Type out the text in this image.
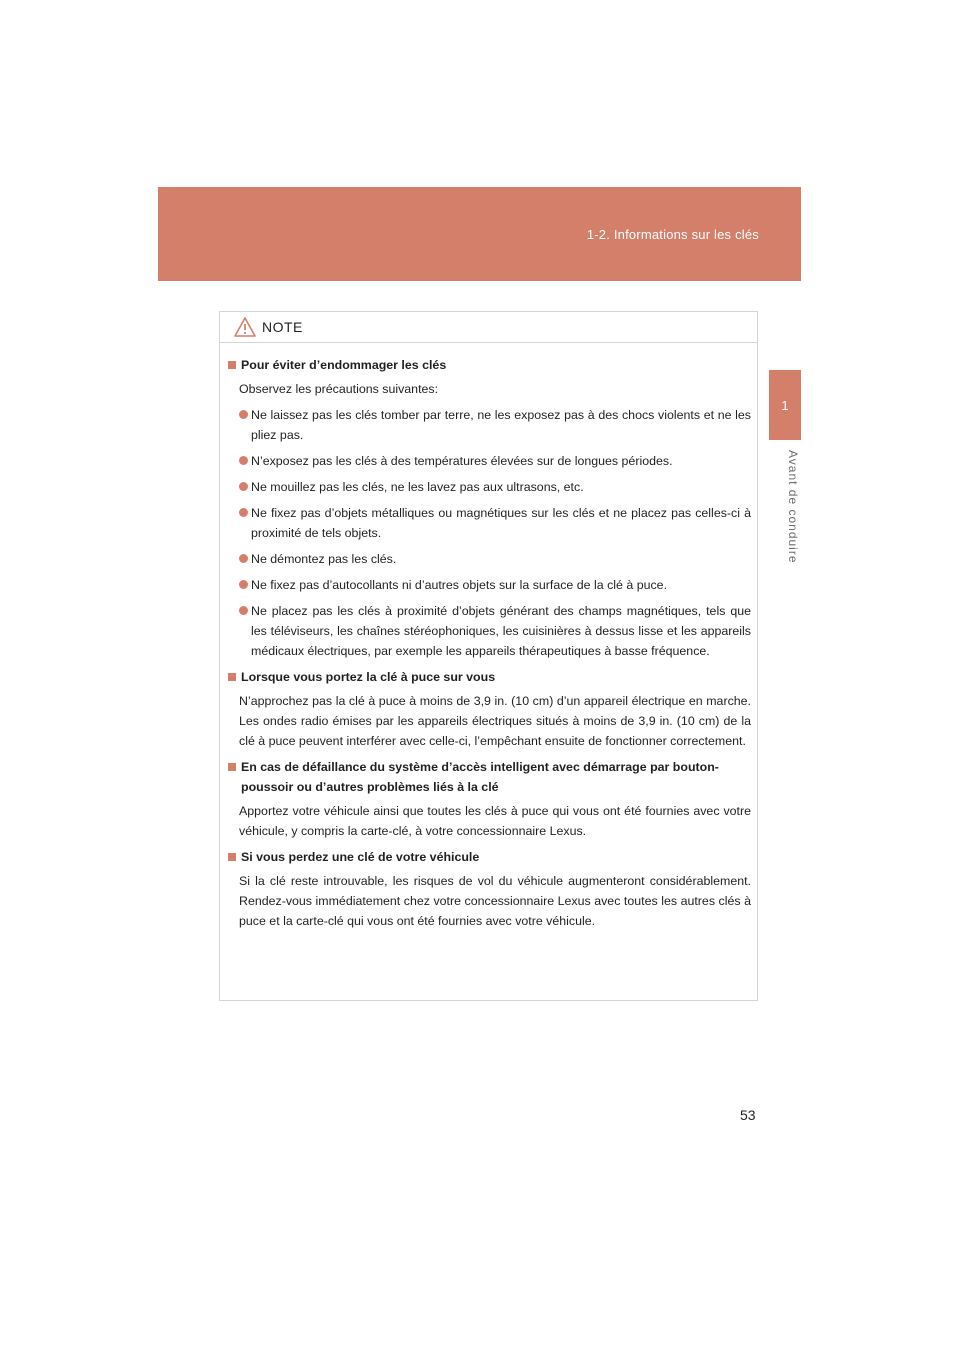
1-2. Informations sur les clés
1
Avant de conduire
NOTE
Pour éviter d’endommager les clés

Observez les précautions suivantes:

Ne laissez pas les clés tomber par terre, ne les exposez pas à des chocs violents et ne les pliez pas.
N’exposez pas les clés à des températures élevées sur de longues périodes.
Ne mouillez pas les clés, ne les lavez pas aux ultrasons, etc.
Ne fixez pas d’objets métalliques ou magnétiques sur les clés et ne placez pas celles-ci à proximité de tels objets.
Ne démontez pas les clés.
Ne fixez pas d’autocollants ni d’autres objets sur la surface de la clé à puce.
Ne placez pas les clés à proximité d’objets générant des champs magnétiques, tels que les téléviseurs, les chaînes stéréophoniques, les cuisinières à dessus lisse et les appareils médicaux électriques, par exemple les appareils thérapeutiques à basse fréquence.
Lorsque vous portez la clé à puce sur vous

N’approchez pas la clé à puce à moins de 3,9 in. (10 cm) d’un appareil électrique en marche. Les ondes radio émises par les appareils électriques situés à moins de 3,9 in. (10 cm) de la clé à puce peuvent interférer avec celle-ci, l’empêchant ensuite de fonctionner correctement.

En cas de défaillance du système d’accès intelligent avec démarrage par bouton-poussoir ou d’autres problèmes liés à la clé

Apportez votre véhicule ainsi que toutes les clés à puce qui vous ont été fournies avec votre véhicule, y compris la carte-clé, à votre concessionnaire Lexus.

Si vous perdez une clé de votre véhicule

Si la clé reste introuvable, les risques de vol du véhicule augmenteront considérablement. Rendez-vous immédiatement chez votre concessionnaire Lexus avec toutes les autres clés à puce et la carte-clé qui vous ont été fournies avec votre véhicule.

53
